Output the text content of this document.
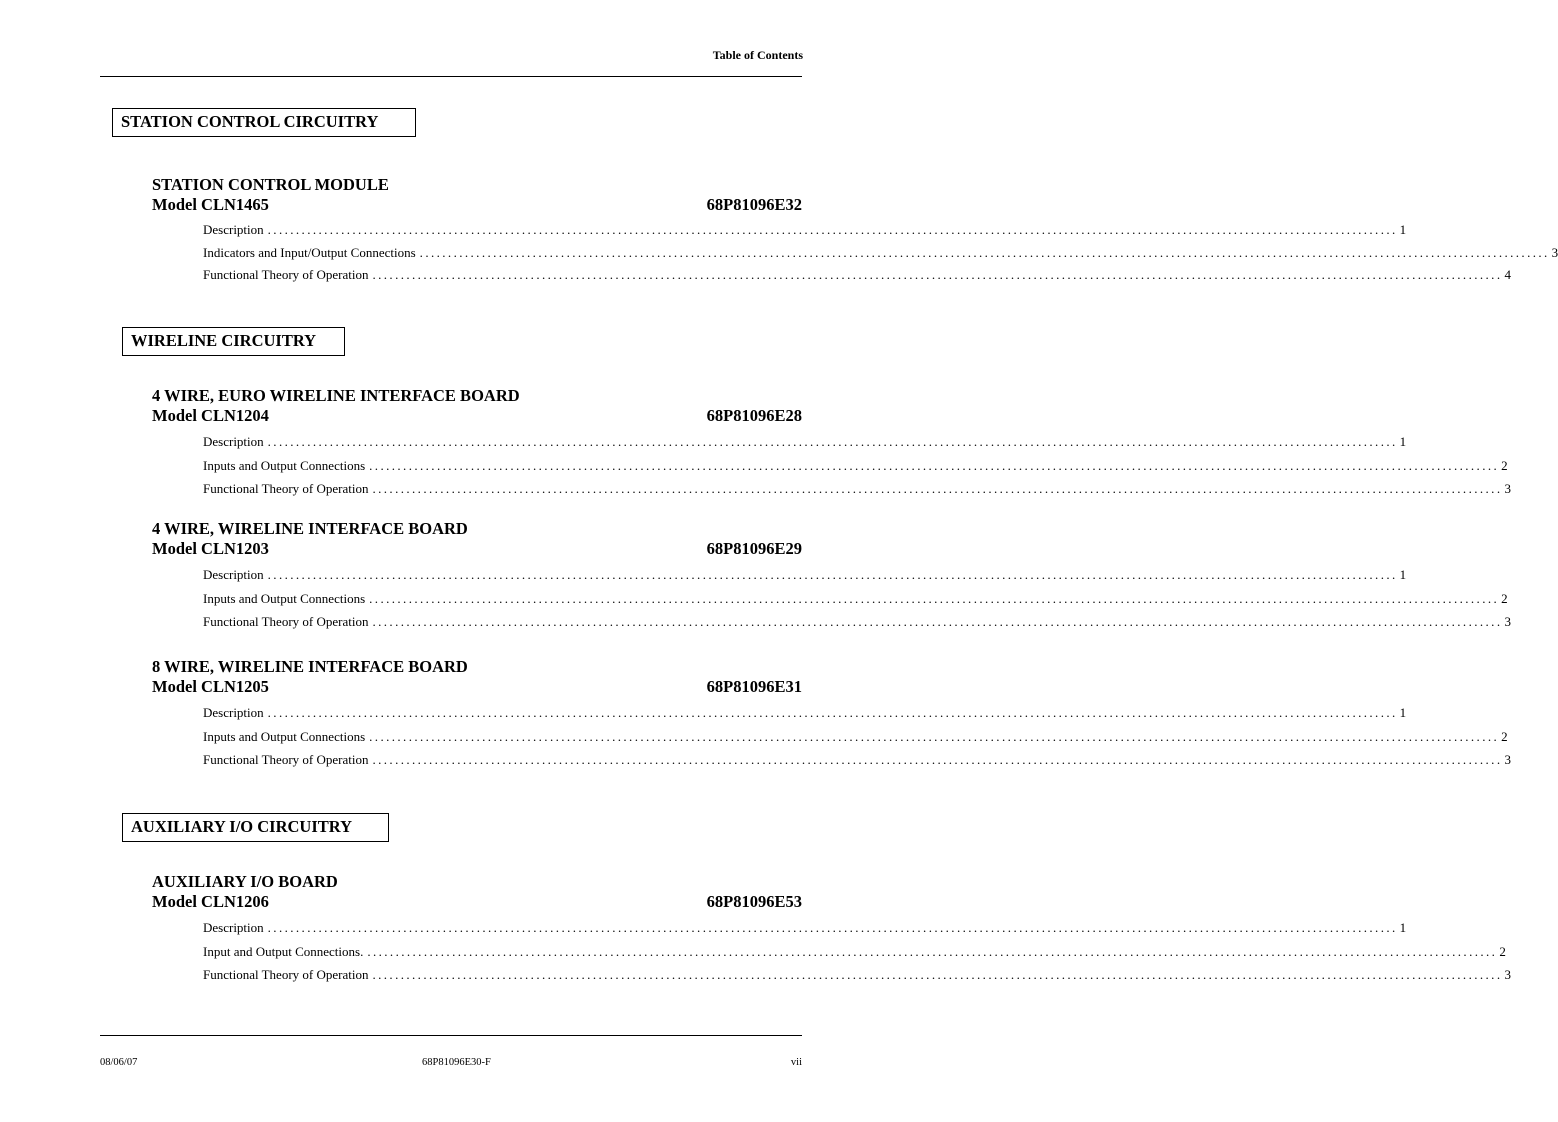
Table of Contents
STATION CONTROL CIRCUITRY
STATION CONTROL MODULE
Model CLN1465	68P81096E32
Description ........................................................................................................................................................................................................ 1
Indicators and Input/Output Connections ........................................................................................................................................................................................................ 3
Functional Theory of Operation ........................................................................................................................................................................................................ 4
WIRELINE CIRCUITRY
4 WIRE, EURO WIRELINE INTERFACE BOARD
Model CLN1204	68P81096E28
Description ........................................................................................................................................................................................................ 1
Inputs and Output Connections ........................................................................................................................................................................................................ 2
Functional Theory of Operation ........................................................................................................................................................................................................ 3
4 WIRE, WIRELINE INTERFACE BOARD
Model CLN1203	68P81096E29
Description ........................................................................................................................................................................................................ 1
Inputs and Output Connections ........................................................................................................................................................................................................ 2
Functional Theory of Operation ........................................................................................................................................................................................................ 3
8 WIRE, WIRELINE INTERFACE BOARD
Model CLN1205	68P81096E31
Description ........................................................................................................................................................................................................ 1
Inputs and Output Connections ........................................................................................................................................................................................................ 2
Functional Theory of Operation ........................................................................................................................................................................................................ 3
AUXILIARY I/O CIRCUITRY
AUXILIARY I/O BOARD
Model CLN1206	68P81096E53
Description ........................................................................................................................................................................................................ 1
Input and Output Connections. ........................................................................................................................................................................................................ 2
Functional Theory of Operation ........................................................................................................................................................................................................ 3
08/06/07	68P81096E30-F	vii
